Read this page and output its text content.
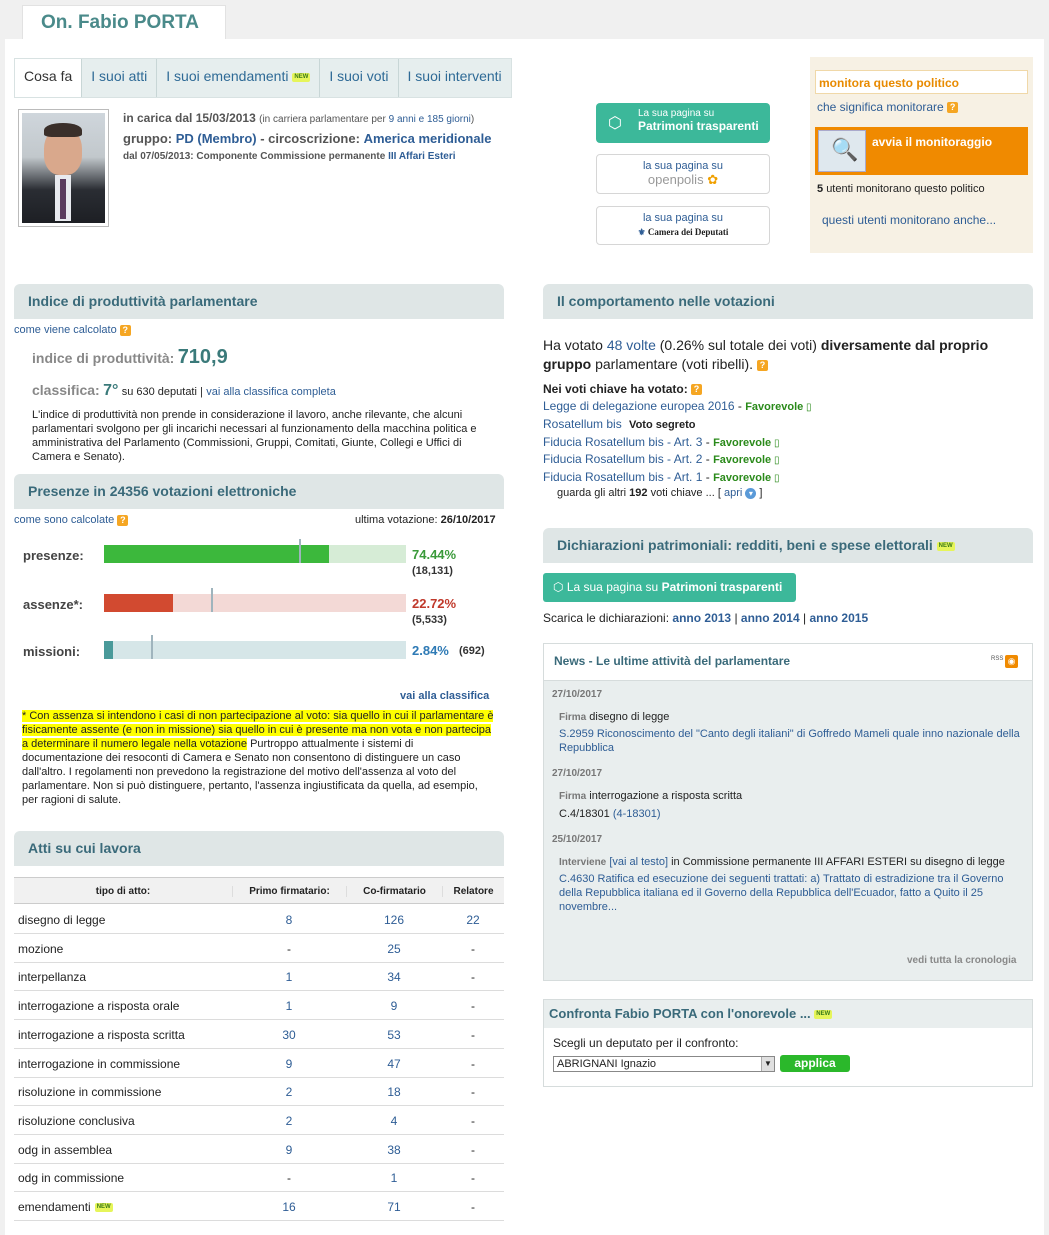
On. Fabio PORTA
Cosa fa	I suoi atti	I suoi emendamenti NEW	I suoi voti	I suoi interventi
in carica dal 15/03/2013 (in carriera parlamentare per 9 anni e 185 giorni)
gruppo: PD (Membro) - circoscrizione: America meridionale
dal 07/05/2013: Componente Commissione permanente III Affari Esteri
⬡
La sua pagina su
Patrimoni trasparenti
la sua pagina su
openpolis ✿
la sua pagina su
⚜ Camera dei Deputati
monitora questo politico
che significa monitorare ?
🔍 avvia il monitoraggio
5 utenti monitorano questo politico
questi utenti monitorano anche...
Indice di produttività parlamentare
come viene calcolato ?
indice di produttività: 710,9
classifica: 7° su 630 deputati | vai alla classifica completa
L'indice di produttività non prende in considerazione il lavoro, anche rilevante, che alcuni parlamentari svolgono per gli incarichi necessari al funzionamento della macchina politica e amministrativa del Parlamento (Commissioni, Gruppi, Comitati, Giunte, Collegi e Uffici di Camera e Senato).
Presenze in 24356 votazioni elettroniche
come sono calcolate ?	ultima votazione: 26/10/2017
presenze:	74.44%
(18,131)
assenze*:	22.72%
(5,533)
missioni:	2.84% (692)
vai alla classifica
* Con assenza si intendono i casi di non partecipazione al voto: sia quello in cui il parlamentare è fisicamente assente (e non in missione) sia quello in cui è presente ma non vota e non partecipa a determinare il numero legale nella votazione Purtroppo attualmente i sistemi di documentazione dei resoconti di Camera e Senato non consentono di distinguere un caso dall'altro. I regolamenti non prevedono la registrazione del motivo dell'assenza al voto del parlamentare. Non si può distinguere, pertanto, l'assenza ingiustificata da quella, ad esempio, per ragioni di salute.
Atti su cui lavora
tipo di atto:	Primo firmatario:	Co-firmatario	Relatore
disegno di legge	8	126	22
mozione	-	25	-
interpellanza	1	34	-
interrogazione a risposta orale	1	9	-
interrogazione a risposta scritta	30	53	-
interrogazione in commissione	9	47	-
risoluzione in commissione	2	18	-
risoluzione conclusiva	2	4	-
odg in assemblea	9	38	-
odg in commissione	-	1	-
emendamenti NEW	16	71	-
Il comportamento nelle votazioni
Ha votato 48 volte (0.26% sul totale dei voti) diversamente dal proprio gruppo parlamentare (voti ribelli). ?
Nei voti chiave ha votato: ?
Legge di delegazione europea 2016 - Favorevole ▯
Rosatellum bis Voto segreto
Fiducia Rosatellum bis - Art. 3 - Favorevole ▯
Fiducia Rosatellum bis - Art. 2 - Favorevole ▯
Fiducia Rosatellum bis - Art. 1 - Favorevole ▯
guarda gli altri 192 voti chiave ... [ apri ▾ ]
Dichiarazioni patrimoniali: redditi, beni e spese elettorali NEW
⬡ La sua pagina su Patrimoni trasparenti
Scarica le dichiarazioni: anno 2013 | anno 2014 | anno 2015
News - Le ultime attività del parlamentare	RSS ◉
27/10/2017
Firma disegno di legge
S.2959 Riconoscimento del "Canto degli italiani" di Goffredo Mameli quale inno nazionale della Repubblica
27/10/2017
Firma interrogazione a risposta scritta
C.4/18301 (4-18301)
25/10/2017
Interviene [vai al testo] in Commissione permanente III AFFARI ESTERI su disegno di legge
C.4630 Ratifica ed esecuzione dei seguenti trattati: a) Trattato di estradizione tra il Governo della Repubblica italiana ed il Governo della Repubblica dell'Ecuador, fatto a Quito il 25 novembre...
vedi tutta la cronologia
Confronta Fabio PORTA con l'onorevole ... NEW
Scegli un deputato per il confronto:
ABRIGNANI Ignazio	▼	applica
